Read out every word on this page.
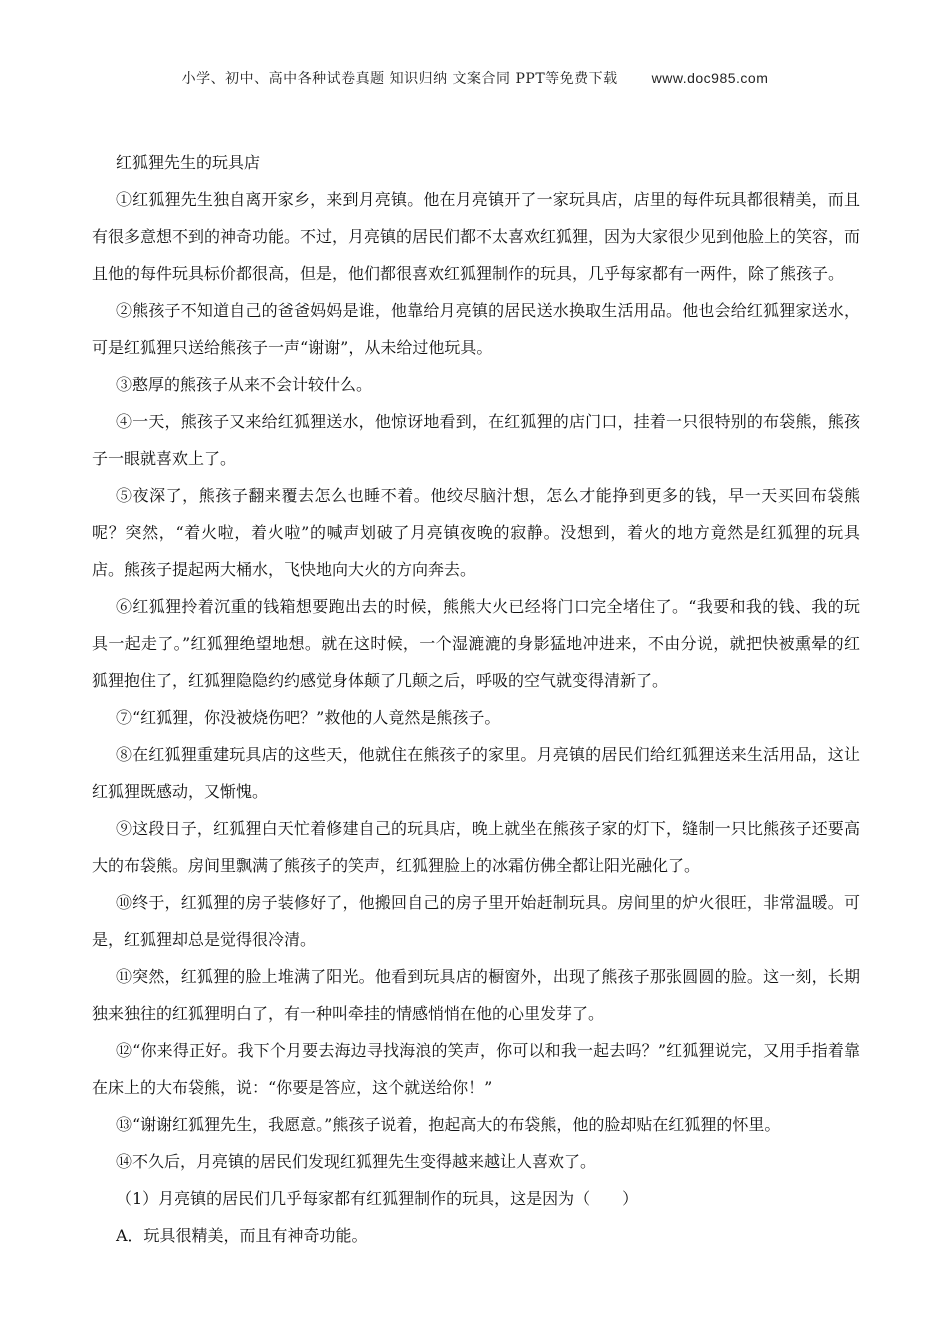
小学、初中、高中各种试卷真题 知识归纳 文案合同 PPT等免费下载 www.doc985.com

红狐狸先生的玩具店

①红狐狸先生独自离开家乡，来到月亮镇。他在月亮镇开了一家玩具店，店里的每件玩具都很精美，而且有很多意想不到的神奇功能。不过，月亮镇的居民们都不太喜欢红狐狸，因为大家很少见到他脸上的笑容，而且他的每件玩具标价都很高，但是，他们都很喜欢红狐狸制作的玩具，几乎每家都有一两件，除了熊孩子。

②熊孩子不知道自己的爸爸妈妈是谁，他靠给月亮镇的居民送水换取生活用品。他也会给红狐狸家送水，可是红狐狸只送给熊孩子一声“谢谢”，从未给过他玩具。

③憨厚的熊孩子从来不会计较什么。

④一天，熊孩子又来给红狐狸送水，他惊讶地看到，在红狐狸的店门口，挂着一只很特别的布袋熊，熊孩子一眼就喜欢上了。

⑤夜深了，熊孩子翻来覆去怎么也睡不着。他绞尽脑汁想，怎么才能挣到更多的钱，早一天买回布袋熊呢？突然，“着火啦，着火啦”的喊声划破了月亮镇夜晚的寂静。没想到，着火的地方竟然是红狐狸的玩具店。熊孩子提起两大桶水，飞快地向大火的方向奔去。

⑥红狐狸拎着沉重的钱箱想要跑出去的时候，熊熊大火已经将门口完全堵住了。“我要和我的钱、我的玩具一起走了。”红狐狸绝望地想。就在这时候，一个湿漉漉的身影猛地冲进来，不由分说，就把快被熏晕的红狐狸抱住了，红狐狸隐隐约约感觉身体颠了几颠之后，呼吸的空气就变得清新了。

⑦“红狐狸，你没被烧伤吧？”救他的人竟然是熊孩子。

⑧在红狐狸重建玩具店的这些天，他就住在熊孩子的家里。月亮镇的居民们给红狐狸送来生活用品，这让红狐狸既感动，又惭愧。

⑨这段日子，红狐狸白天忙着修建自己的玩具店，晚上就坐在熊孩子家的灯下，缝制一只比熊孩子还要高大的布袋熊。房间里飘满了熊孩子的笑声，红狐狸脸上的冰霜仿佛全都让阳光融化了。

⑩终于，红狐狸的房子装修好了，他搬回自己的房子里开始赶制玩具。房间里的炉火很旺，非常温暖。可是，红狐狸却总是觉得很冷清。

⑪突然，红狐狸的脸上堆满了阳光。他看到玩具店的橱窗外，出现了熊孩子那张圆圆的脸。这一刻，长期独来独往的红狐狸明白了，有一种叫牵挂的情感悄悄在他的心里发芽了。

⑫“你来得正好。我下个月要去海边寻找海浪的笑声，你可以和我一起去吗？”红狐狸说完，又用手指着靠在床上的大布袋熊，说：“你要是答应，这个就送给你！”

⑬“谢谢红狐狸先生，我愿意。”熊孩子说着，抱起高大的布袋熊，他的脸却贴在红狐狸的怀里。

⑭不久后，月亮镇的居民们发现红狐狸先生变得越来越让人喜欢了。

（1）月亮镇的居民们几乎每家都有红狐狸制作的玩具，这是因为（　　）

A．玩具很精美，而且有神奇功能。
